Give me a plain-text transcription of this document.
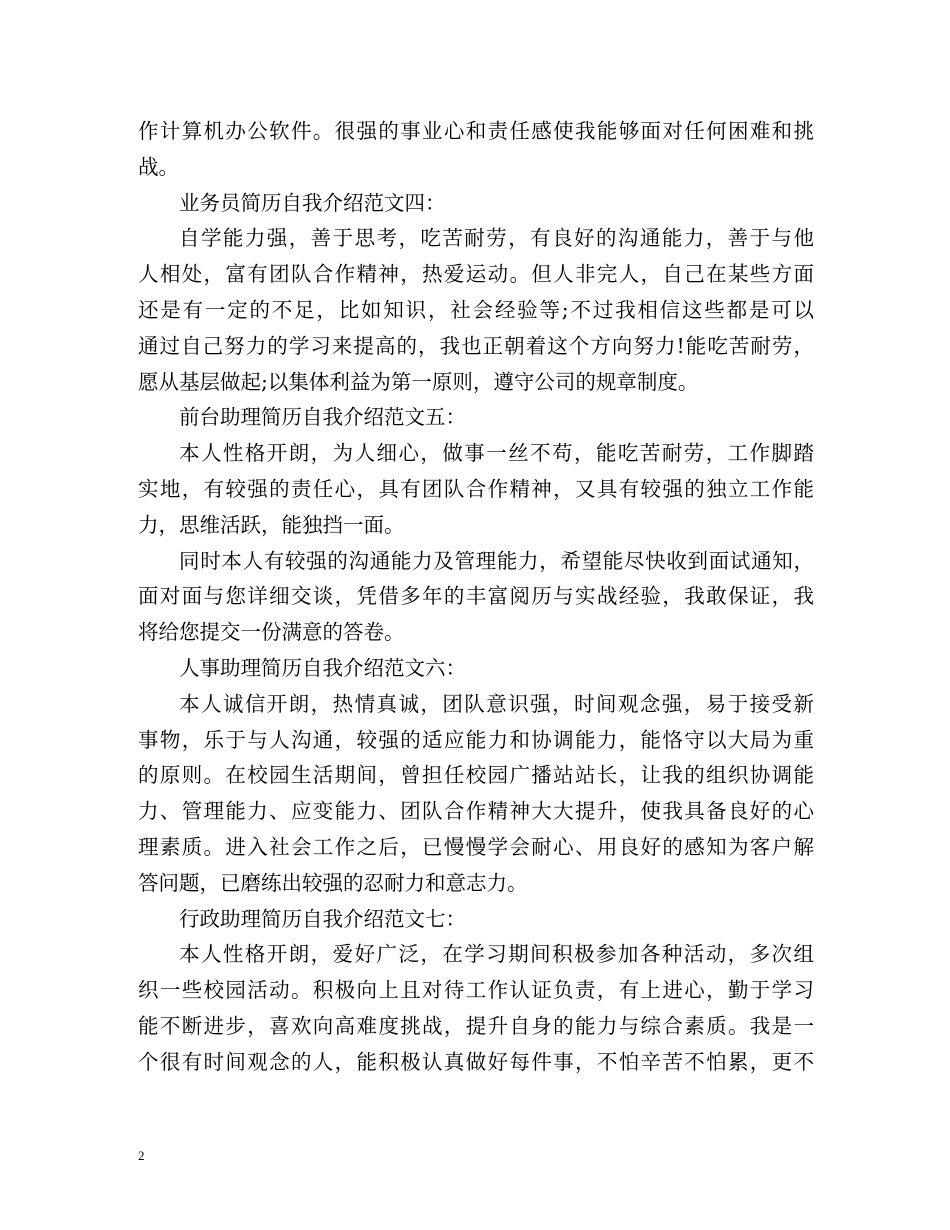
作计算机办公软件。很强的事业心和责任感使我能够面对任何困难和挑
战。
业务员简历自我介绍范文四：
自学能力强，善于思考，吃苦耐劳，有良好的沟通能力，善于与他
人相处，富有团队合作精神，热爱运动。但人非完人，自己在某些方面
还是有一定的不足，比如知识，社会经验等;不过我相信这些都是可以
通过自己努力的学习来提高的，我也正朝着这个方向努力!能吃苦耐劳，
愿从基层做起;以集体利益为第一原则，遵守公司的规章制度。
前台助理简历自我介绍范文五：
本人性格开朗，为人细心，做事一丝不苟，能吃苦耐劳，工作脚踏
实地，有较强的责任心，具有团队合作精神，又具有较强的独立工作能
力，思维活跃，能独挡一面。
同时本人有较强的沟通能力及管理能力，希望能尽快收到面试通知，
面对面与您详细交谈，凭借多年的丰富阅历与实战经验，我敢保证，我
将给您提交一份满意的答卷。
人事助理简历自我介绍范文六：
本人诚信开朗，热情真诚，团队意识强，时间观念强，易于接受新
事物，乐于与人沟通，较强的适应能力和协调能力，能恪守以大局为重
的原则。在校园生活期间，曾担任校园广播站站长，让我的组织协调能
力、管理能力、应变能力、团队合作精神大大提升，使我具备良好的心
理素质。进入社会工作之后，已慢慢学会耐心、用良好的感知为客户解
答问题，已磨练出较强的忍耐力和意志力。
行政助理简历自我介绍范文七：
本人性格开朗，爱好广泛，在学习期间积极参加各种活动，多次组
织一些校园活动。积极向上且对待工作认证负责，有上进心，勤于学习
能不断进步，喜欢向高难度挑战，提升自身的能力与综合素质。我是一
个很有时间观念的人，能积极认真做好每件事，不怕辛苦不怕累，更不
2
